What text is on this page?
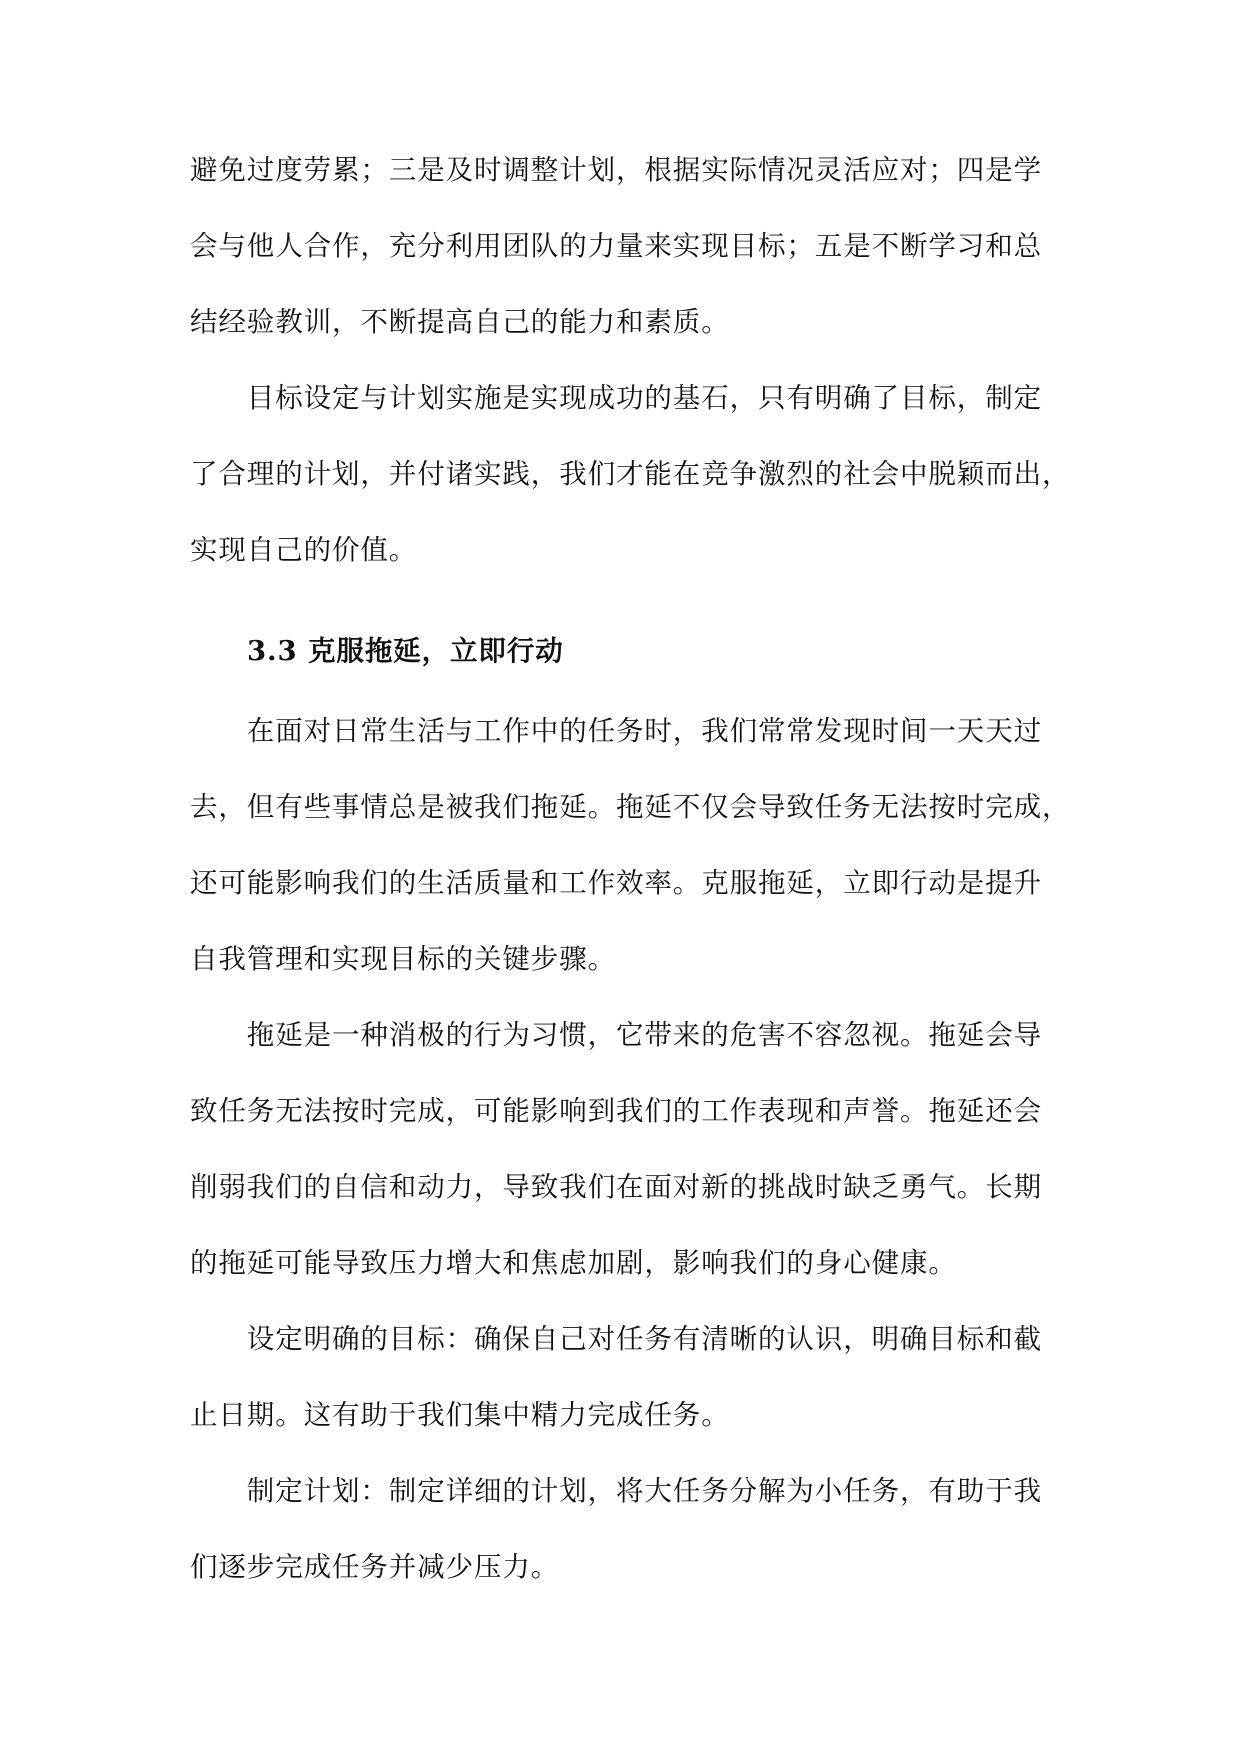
避免过度劳累；三是及时调整计划，根据实际情况灵活应对；四是学
会与他人合作，充分利用团队的力量来实现目标；五是不断学习和总
结经验教训，不断提高自己的能力和素质。
　　目标设定与计划实施是实现成功的基石，只有明确了目标，制定
了合理的计划，并付诸实践，我们才能在竞争激烈的社会中脱颖而出，
实现自己的价值。
3.3 克服拖延，立即行动
　　在面对日常生活与工作中的任务时，我们常常发现时间一天天过
去，但有些事情总是被我们拖延。拖延不仅会导致任务无法按时完成，
还可能影响我们的生活质量和工作效率。克服拖延，立即行动是提升
自我管理和实现目标的关键步骤。
　　拖延是一种消极的行为习惯，它带来的危害不容忽视。拖延会导
致任务无法按时完成，可能影响到我们的工作表现和声誉。拖延还会
削弱我们的自信和动力，导致我们在面对新的挑战时缺乏勇气。长期
的拖延可能导致压力增大和焦虑加剧，影响我们的身心健康。
　　设定明确的目标：确保自己对任务有清晰的认识，明确目标和截
止日期。这有助于我们集中精力完成任务。
　　制定计划：制定详细的计划，将大任务分解为小任务，有助于我
们逐步完成任务并减少压力。
